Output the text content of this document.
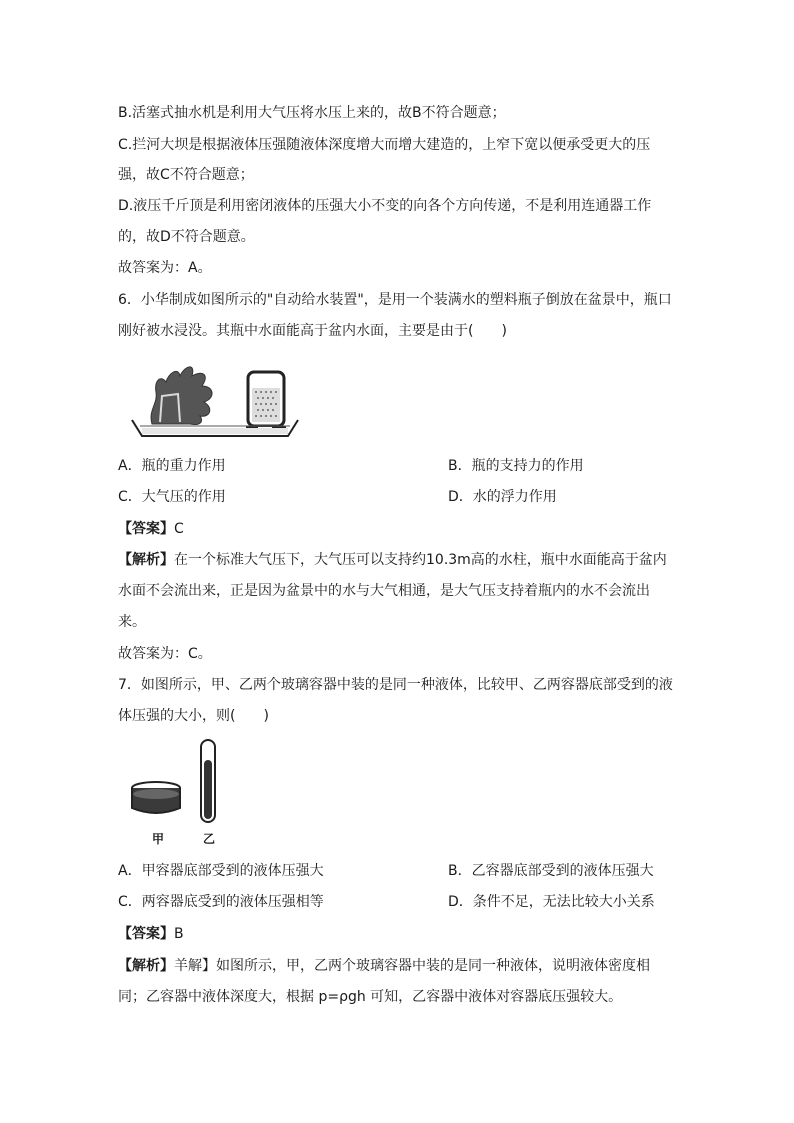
B.活塞式抽水机是利用大气压将水压上来的，故B不符合题意；
C.拦河大坝是根据液体压强随液体深度增大而增大建造的，上窄下宽以便承受更大的压
强，故C不符合题意；
D.液压千斤顶是利用密闭液体的压强大小不变的向各个方向传递，不是利用连通器工作
的，故D不符合题意。
故答案为：A。
6．小华制成如图所示的"自动给水装置"，是用一个装满水的塑料瓶子倒放在盆景中，瓶口
刚好被水浸没。其瓶中水面能高于盆内水面，主要是由于(　　)
A．瓶的重力作用	B．瓶的支持力的作用
C．大气压的作用	D．水的浮力作用
【答案】C
【解析】在一个标准大气压下，大气压可以支持约10.3m高的水柱，瓶中水面能高于盆内
水面不会流出来，正是因为盆景中的水与大气相通，是大气压支持着瓶内的水不会流出
来。
故答案为：C。
7．如图所示，甲、乙两个玻璃容器中装的是同一种液体，比较甲、乙两容器底部受到的液
体压强的大小，则(　　)
甲	乙
A．甲容器底部受到的液体压强大	B．乙容器底部受到的液体压强大
C．两容器底受到的液体压强相等	D．条件不足，无法比较大小关系
【答案】B
【解析】羊解】如图所示，甲，乙两个玻璃容器中装的是同一种液体，说明液体密度相
同；乙容器中液体深度大，根据 p=ρgh 可知，乙容器中液体对容器底压强较大。
